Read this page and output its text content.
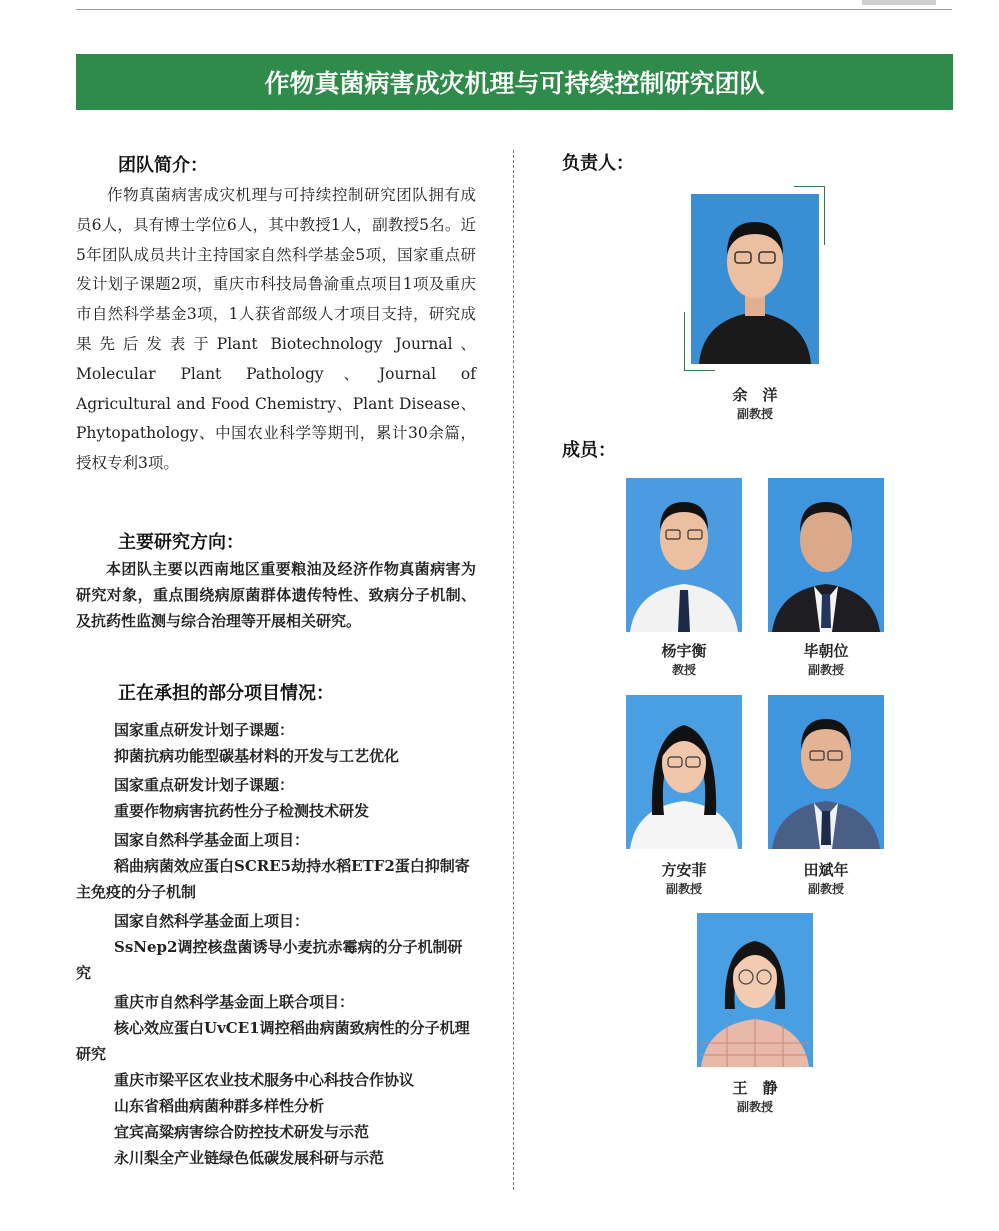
作物真菌病害成灾机理与可持续控制研究团队
团队简介：

作物真菌病害成灾机理与可持续控制研究团队拥有成员6人，具有博士学位6人，其中教授1人，副教授5名。近5年团队成员共计主持国家自然科学基金5项，国家重点研发计划子课题2项，重庆市科技局鲁渝重点项目1项及重庆市自然科学基金3项，1人获省部级人才项目支持，研究成果先后发表于Plant Biotechnology Journal、Molecular Plant Pathology、Journal of Agricultural and Food Chemistry、Plant Disease、Phytopathology、中国农业科学等期刊，累计30余篇，授权专利3项。

主要研究方向：

本团队主要以西南地区重要粮油及经济作物真菌病害为研究对象，重点围绕病原菌群体遗传特性、致病分子机制、及抗药性监测与综合治理等开展相关研究。

正在承担的部分项目情况：
国家重点研发计划子课题：
抑菌抗病功能型碳基材料的开发与工艺优化
国家重点研发计划子课题：
重要作物病害抗药性分子检测技术研发
国家自然科学基金面上项目：
稻曲病菌效应蛋白SCRE5劫持水稻ETF2蛋白抑制寄主免疫的分子机制
国家自然科学基金面上项目：
SsNep2调控核盘菌诱导小麦抗赤霉病的分子机制研究
重庆市自然科学基金面上联合项目：
核心效应蛋白UvCE1调控稻曲病菌致病性的分子机理研究
重庆市梁平区农业技术服务中心科技合作协议
山东省稻曲病菌种群多样性分析
宜宾高粱病害综合防控技术研发与示范
永川梨全产业链绿色低碳发展科研与示范
负责人：
余　洋
副教授
成员：
杨宇衡
教授
毕朝位
副教授
方安菲
副教授
田斌年
副教授
王　静
副教授
